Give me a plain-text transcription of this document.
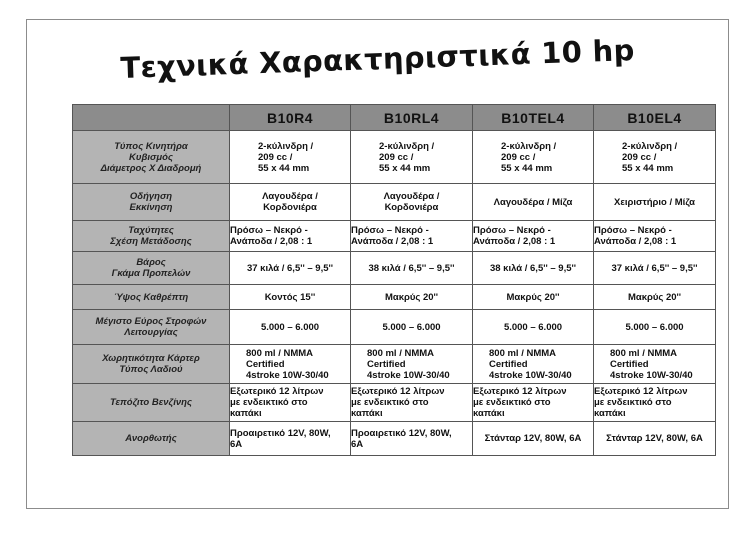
Τεχνικά Χαρακτηριστικά 10 hp
	B10R4	B10RL4	B10TEL4	B10EL4

Τύπος Κινητήρα
Κυβισμός
Διάμετρος Χ Διαδρομή	2-κύλινδρη /
209 cc /
55 x 44 mm	2-κύλινδρη /
209 cc /
55 x 44 mm	2-κύλινδρη /
209 cc /
55 x 44 mm	2-κύλινδρη /
209 cc /
55 x 44 mm

Οδήγηση
Εκκίνηση	Λαγουδέρα /
Κορδονιέρα	Λαγουδέρα /
Κορδονιέρα	Λαγουδέρα / Μίζα	Χειριστήριο / Μίζα

Ταχύτητες
Σχέση Μετάδοσης	Πρόσω – Νεκρό -
Ανάποδα / 2,08 : 1	Πρόσω – Νεκρό -
Ανάποδα / 2,08 : 1	Πρόσω – Νεκρό -
Ανάποδα / 2,08 : 1	Πρόσω – Νεκρό -
Ανάποδα / 2,08 : 1

Βάρος
Γκάμα Προπελών	37 κιλά / 6,5'' – 9,5''	38 κιλά / 6,5'' – 9,5''	38 κιλά / 6,5'' – 9,5''	37 κιλά / 6,5'' – 9,5''

Ύψος Καθρέπτη	Κοντός 15''	Μακρύς 20''	Μακρύς 20''	Μακρύς 20''

Μέγιστο Εύρος Στροφών
Λειτουργίας	5.000 – 6.000	5.000 – 6.000	5.000 – 6.000	5.000 – 6.000

Χωρητικότητα Κάρτερ
Τύπος Λαδιού	800 ml / NMMA
Certified
4stroke 10W-30/40	800 ml / NMMA
Certified
4stroke 10W-30/40	800 ml / NMMA
Certified
4stroke 10W-30/40	800 ml / NMMA
Certified
4stroke 10W-30/40

Τεπόζιτο Βενζίνης	Εξωτερικό 12 λίτρων
με ενδεικτικό στο
καπάκι	Εξωτερικό 12 λίτρων
με ενδεικτικό στο
καπάκι	Εξωτερικό 12 λίτρων
με ενδεικτικό στο
καπάκι	Εξωτερικό 12 λίτρων
με ενδεικτικό στο
καπάκι

Ανορθωτής	Προαιρετικό 12V, 80W,
6A	Προαιρετικό 12V, 80W,
6A	Στάνταρ 12V, 80W, 6A	Στάνταρ 12V, 80W, 6A
